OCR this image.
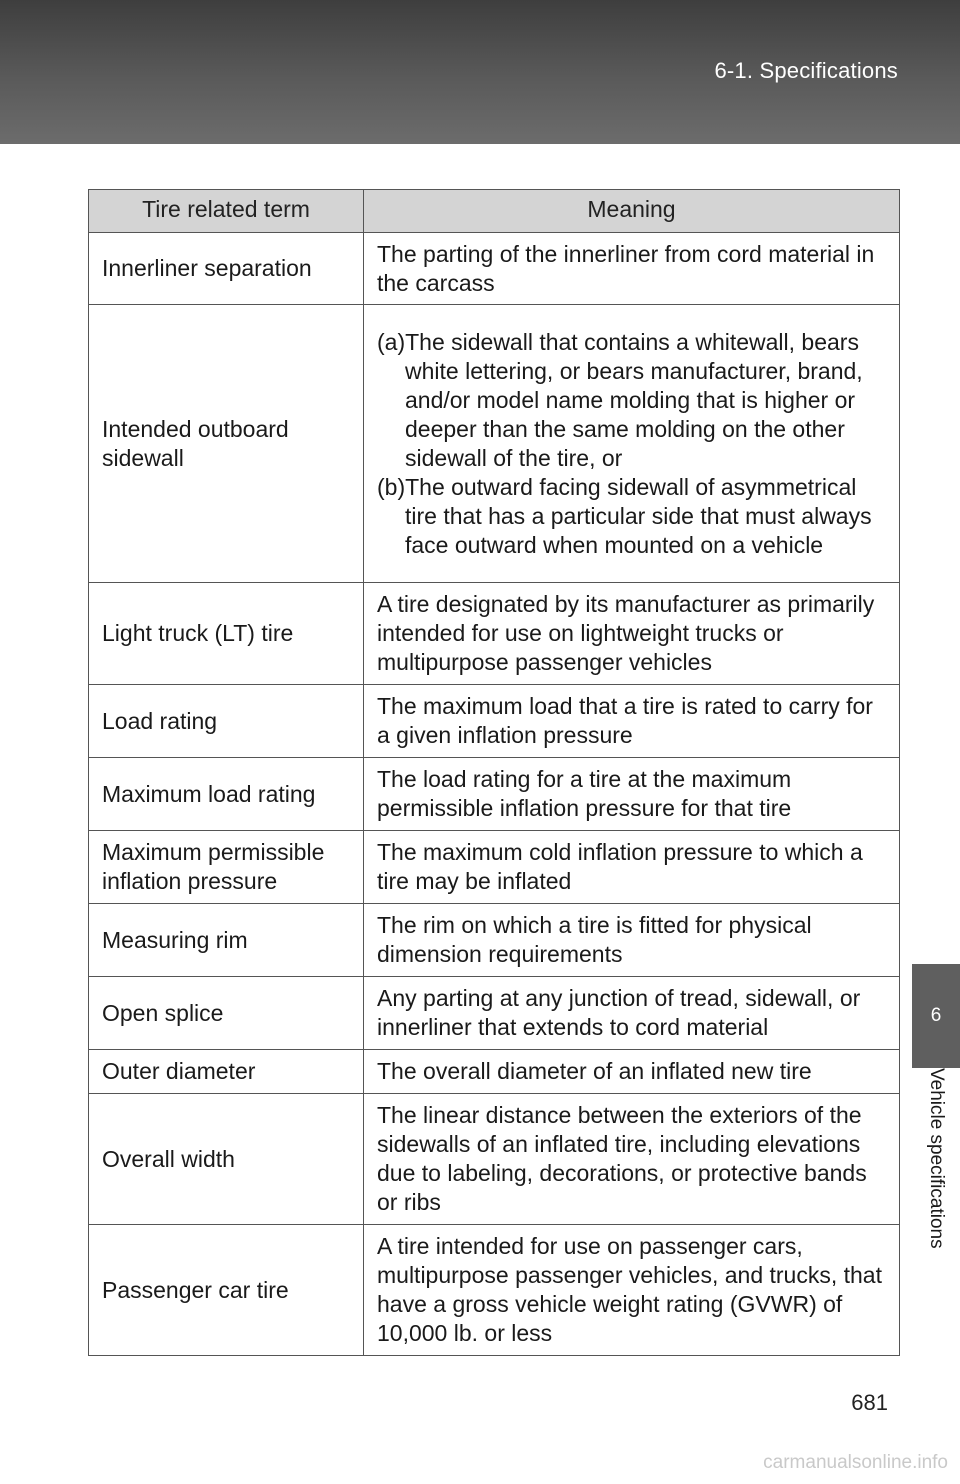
6-1. Specifications
6
Vehicle specifications
Tire related term	Meaning
Innerliner separation	The parting of the innerliner from cord material in the carcass
Intended outboard sidewall	(a)The sidewall that contains a whitewall, bears white lettering, or bears manufacturer, brand, and/or model name molding that is higher or deeper than the same molding on the other sidewall of the tire, or
(b)The outward facing sidewall of asymmetrical tire that has a particular side that must always face outward when mounted on a vehicle

Light truck (LT) tire	A tire designated by its manufacturer as primarily intended for use on lightweight trucks or multipurpose passenger vehicles
Load rating	The maximum load that a tire is rated to carry for a given inflation pressure
Maximum load rating	The load rating for a tire at the maximum permissible inflation pressure for that tire
Maximum permissible inflation pressure	The maximum cold inflation pressure to which a tire may be inflated
Measuring rim	The rim on which a tire is fitted for physical dimension requirements
Open splice	Any parting at any junction of tread, sidewall, or innerliner that extends to cord material
Outer diameter	The overall diameter of an inflated new tire
Overall width	The linear distance between the exteriors of the sidewalls of an inflated tire, including elevations due to labeling, decorations, or protective bands or ribs
Passenger car tire	A tire intended for use on passenger cars, multipurpose passenger vehicles, and trucks, that have a gross vehicle weight rating (GVWR) of 10,000 lb. or less
681
carmanualsonline.info
